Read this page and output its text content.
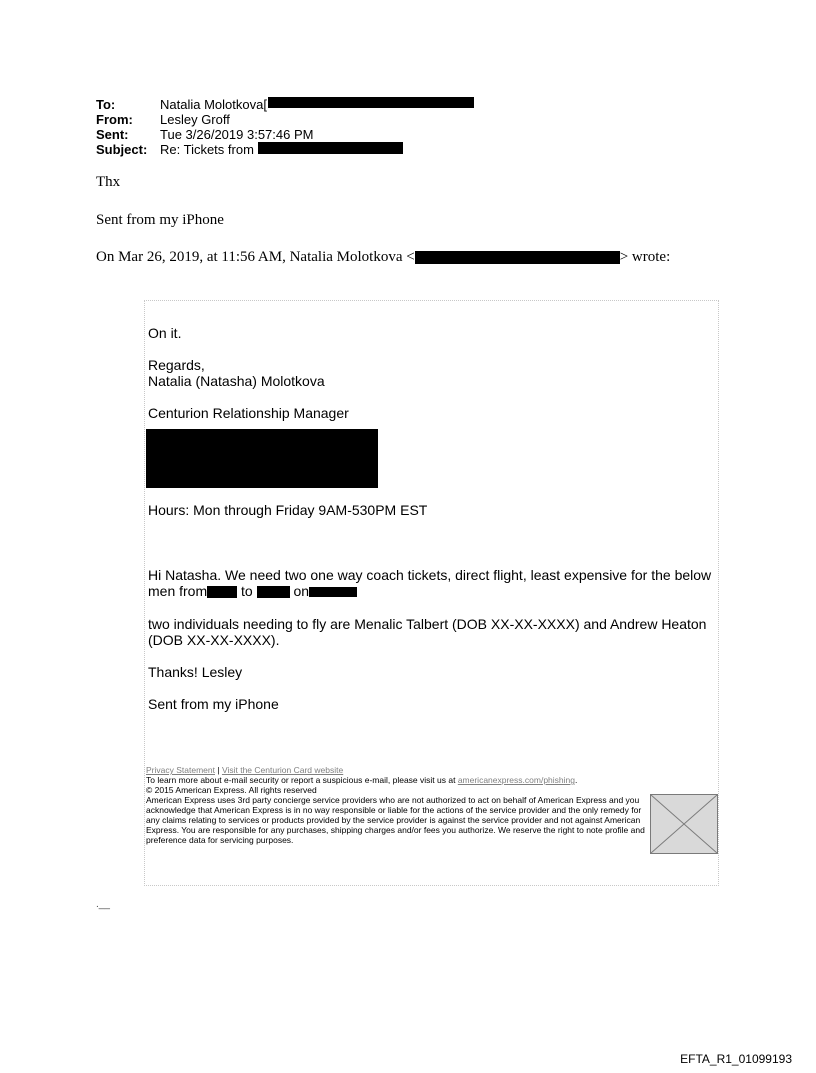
To:	Natalia Molotkova[
From:	Lesley Groff
Sent:	Tue 3/26/2019 3:57:46 PM
Subject: Re: Tickets from
Thx
Sent from my iPhone
On Mar 26, 2019, at 11:56 AM, Natalia Molotkova <	> wrote:
On it.
Regards,
Natalia (Natasha) Molotkova
Centurion Relationship Manager
Hours: Mon through Friday 9AM-530PM EST
Hi Natasha. We need two one way coach tickets, direct flight, least expensive for the below men from to	on
two individuals needing to fly are Menalic Talbert (DOB XX-XX-XXXX) and Andrew Heaton (DOB XX-XX-XXXX).
Thanks! Lesley
Sent from my iPhone
Privacy Statement | Visit the Centurion Card website
To learn more about e-mail security or report a suspicious e-mail, please visit us at americanexpress.com/phishing.
© 2015 American Express. All rights reserved
American Express uses 3rd party concierge service providers who are not authorized to act on behalf of American Express and you acknowledge that American Express is in no way responsible or liable for the actions of the service provider and the only remedy for any claims relating to services or products provided by the service provider is against the service provider and not against American Express. You are responsible for any purchases, shipping charges and/or fees you authorize. We reserve the right to note profile and preference data for servicing purposes.
.__
EFTA_R1_01099193
